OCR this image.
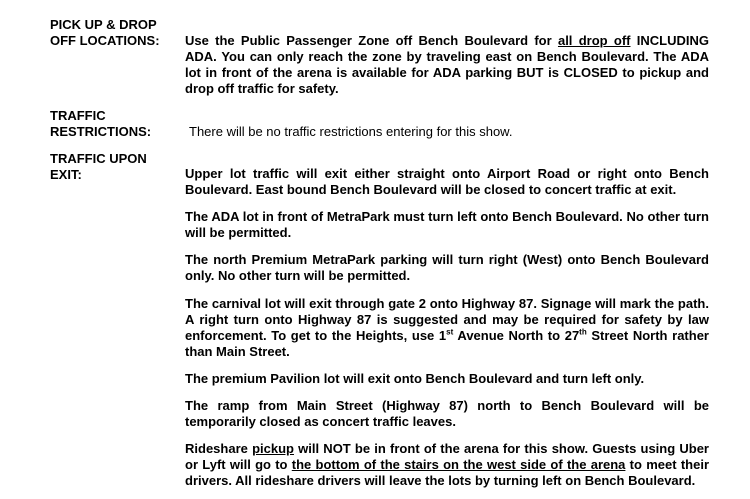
PICK UP & DROP
OFF LOCATIONS: Use the Public Passenger Zone off Bench Boulevard for all drop off INCLUDING ADA. You can only reach the zone by traveling east on Bench Boulevard. The ADA lot in front of the arena is available for ADA parking BUT is CLOSED to pickup and drop off traffic for safety.
TRAFFIC
RESTRICTIONS:	There will be no traffic restrictions entering for this show.
TRAFFIC UPON
EXIT:	Upper lot traffic will exit either straight onto Airport Road or right onto Bench Boulevard. East bound Bench Boulevard will be closed to concert traffic at exit.
The ADA lot in front of MetraPark must turn left onto Bench Boulevard. No other turn will be permitted.
The north Premium MetraPark parking will turn right (West) onto Bench Boulevard only. No other turn will be permitted.
The carnival lot will exit through gate 2 onto Highway 87. Signage will mark the path. A right turn onto Highway 87 is suggested and may be required for safety by law enforcement. To get to the Heights, use 1st Avenue North to 27th Street North rather than Main Street.
The premium Pavilion lot will exit onto Bench Boulevard and turn left only.
The ramp from Main Street (Highway 87) north to Bench Boulevard will be temporarily closed as concert traffic leaves.
Rideshare pickup will NOT be in front of the arena for this show. Guests using Uber or Lyft will go to the bottom of the stairs on the west side of the arena to meet their drivers. All rideshare drivers will leave the lots by turning left on Bench Boulevard.
